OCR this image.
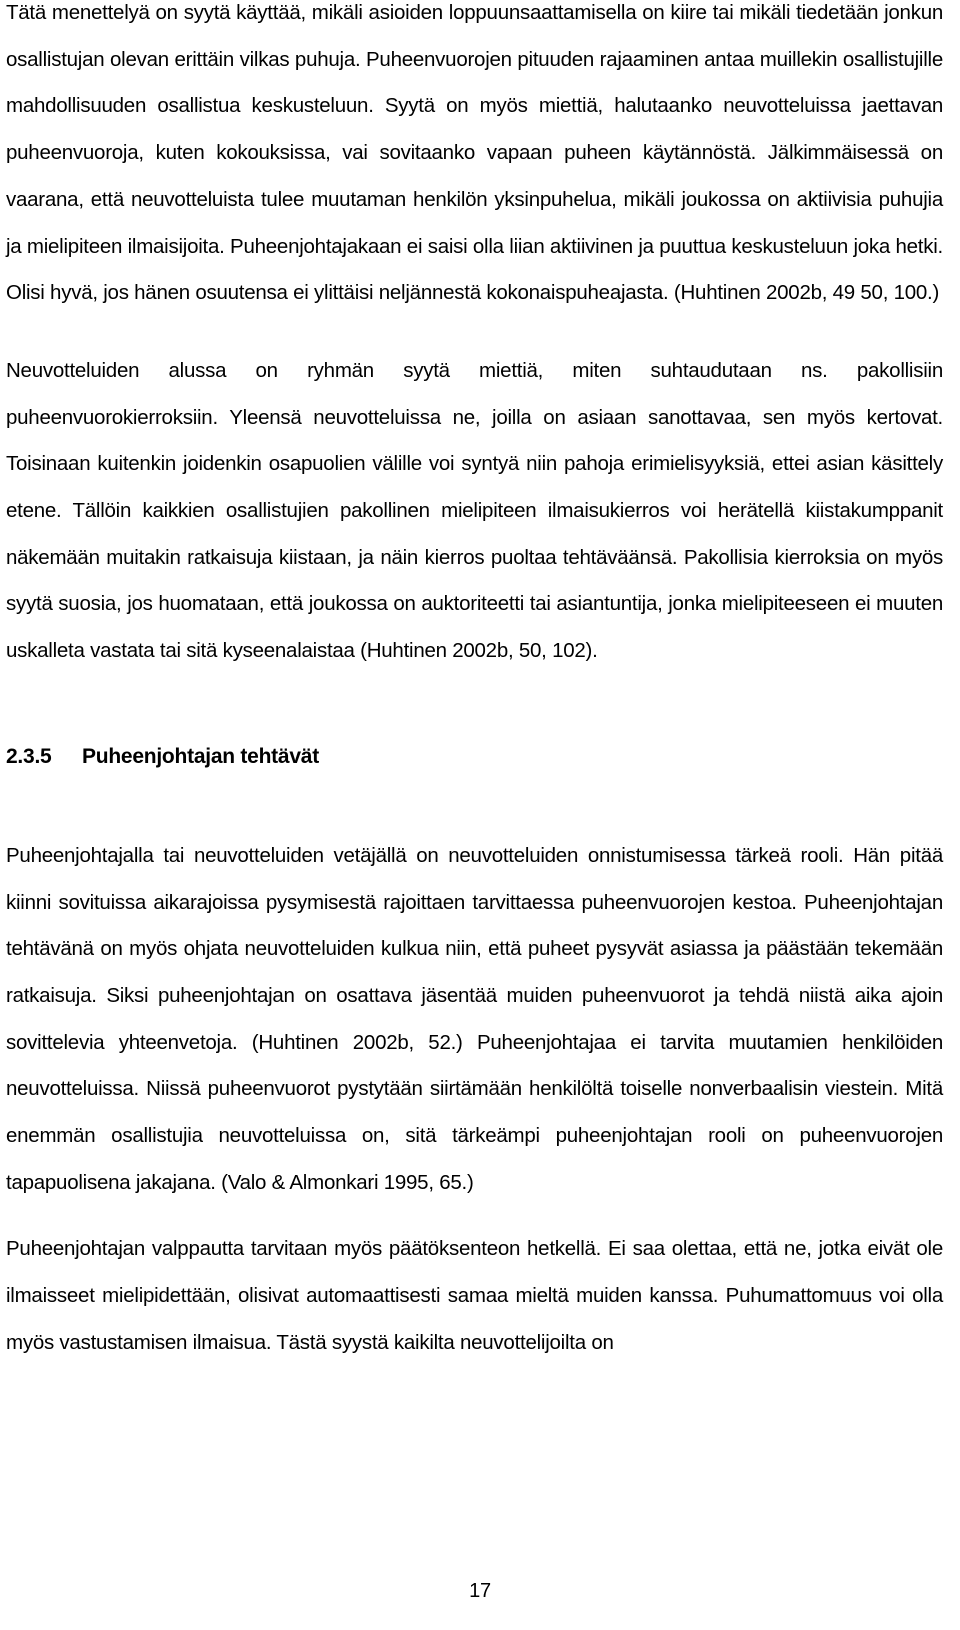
Tätä menettelyä on syytä käyttää, mikäli asioiden loppuunsaattamisella on kiire tai mikäli tiedetään jonkun osallistujan olevan erittäin vilkas puhuja. Puheenvuorojen pituuden rajaaminen antaa muillekin osallistujille mahdollisuuden osallistua keskusteluun. Syytä on myös miettiä, halutaanko neuvotteluissa jaettavan puheenvuoroja, kuten kokouksissa, vai sovitaanko vapaan puheen käytännöstä. Jälkimmäisessä on vaarana, että neuvotteluista tulee muutaman henkilön yksinpuhelua, mikäli joukossa on aktiivisia puhujia ja mielipiteen ilmaisijoita. Puheenjohtajakaan ei saisi olla liian aktiivinen ja puuttua keskusteluun joka hetki. Olisi hyvä, jos hänen osuutensa ei ylittäisi neljännestä kokonaispuheajasta. (Huhtinen 2002b, 49 50, 100.)

Neuvotteluiden alussa on ryhmän syytä miettiä, miten suhtaudutaan ns. pakollisiin puheenvuorokierroksiin. Yleensä neuvotteluissa ne, joilla on asiaan sanottavaa, sen myös kertovat. Toisinaan kuitenkin joidenkin osapuolien välille voi syntyä niin pahoja erimielisyyksiä, ettei asian käsittely etene. Tällöin kaikkien osallistujien pakollinen mielipiteen ilmaisukierros voi herätellä kiistakumppanit näkemään muitakin ratkaisuja kiistaan, ja näin kierros puoltaa tehtäväänsä. Pakollisia kierroksia on myös syytä suosia, jos huomataan, että joukossa on auktoriteetti tai asiantuntija, jonka mielipiteeseen ei muuten uskalleta vastata tai sitä kyseenalaistaa (Huhtinen 2002b, 50, 102).

2.3.5	Puheenjohtajan tehtävät

Puheenjohtajalla tai neuvotteluiden vetäjällä on neuvotteluiden onnistumisessa tärkeä rooli. Hän pitää kiinni sovituissa aikarajoissa pysymisestä rajoittaen tarvittaessa puheenvuorojen kestoa. Puheenjohtajan tehtävänä on myös ohjata neuvotteluiden kulkua niin, että puheet pysyvät asiassa ja päästään tekemään ratkaisuja. Siksi puheenjohtajan on osattava jäsentää muiden puheenvuorot ja tehdä niistä aika ajoin sovittelevia yhteenvetoja. (Huhtinen 2002b, 52.) Puheenjohtajaa ei tarvita muutamien henkilöiden neuvotteluissa. Niissä puheenvuorot pystytään siirtämään henkilöltä toiselle nonverbaalisin viestein. Mitä enemmän osallistujia neuvotteluissa on, sitä tärkeämpi puheenjohtajan rooli on puheenvuorojen tapapuolisena jakajana. (Valo & Almonkari 1995, 65.)

Puheenjohtajan valppautta tarvitaan myös päätöksenteon hetkellä. Ei saa olettaa, että ne, jotka eivät ole ilmaisseet mielipidettään, olisivat automaattisesti samaa mieltä muiden kanssa. Puhumattomuus voi olla myös vastustamisen ilmaisua. Tästä syystä kaikilta neuvottelijoilta on

17
